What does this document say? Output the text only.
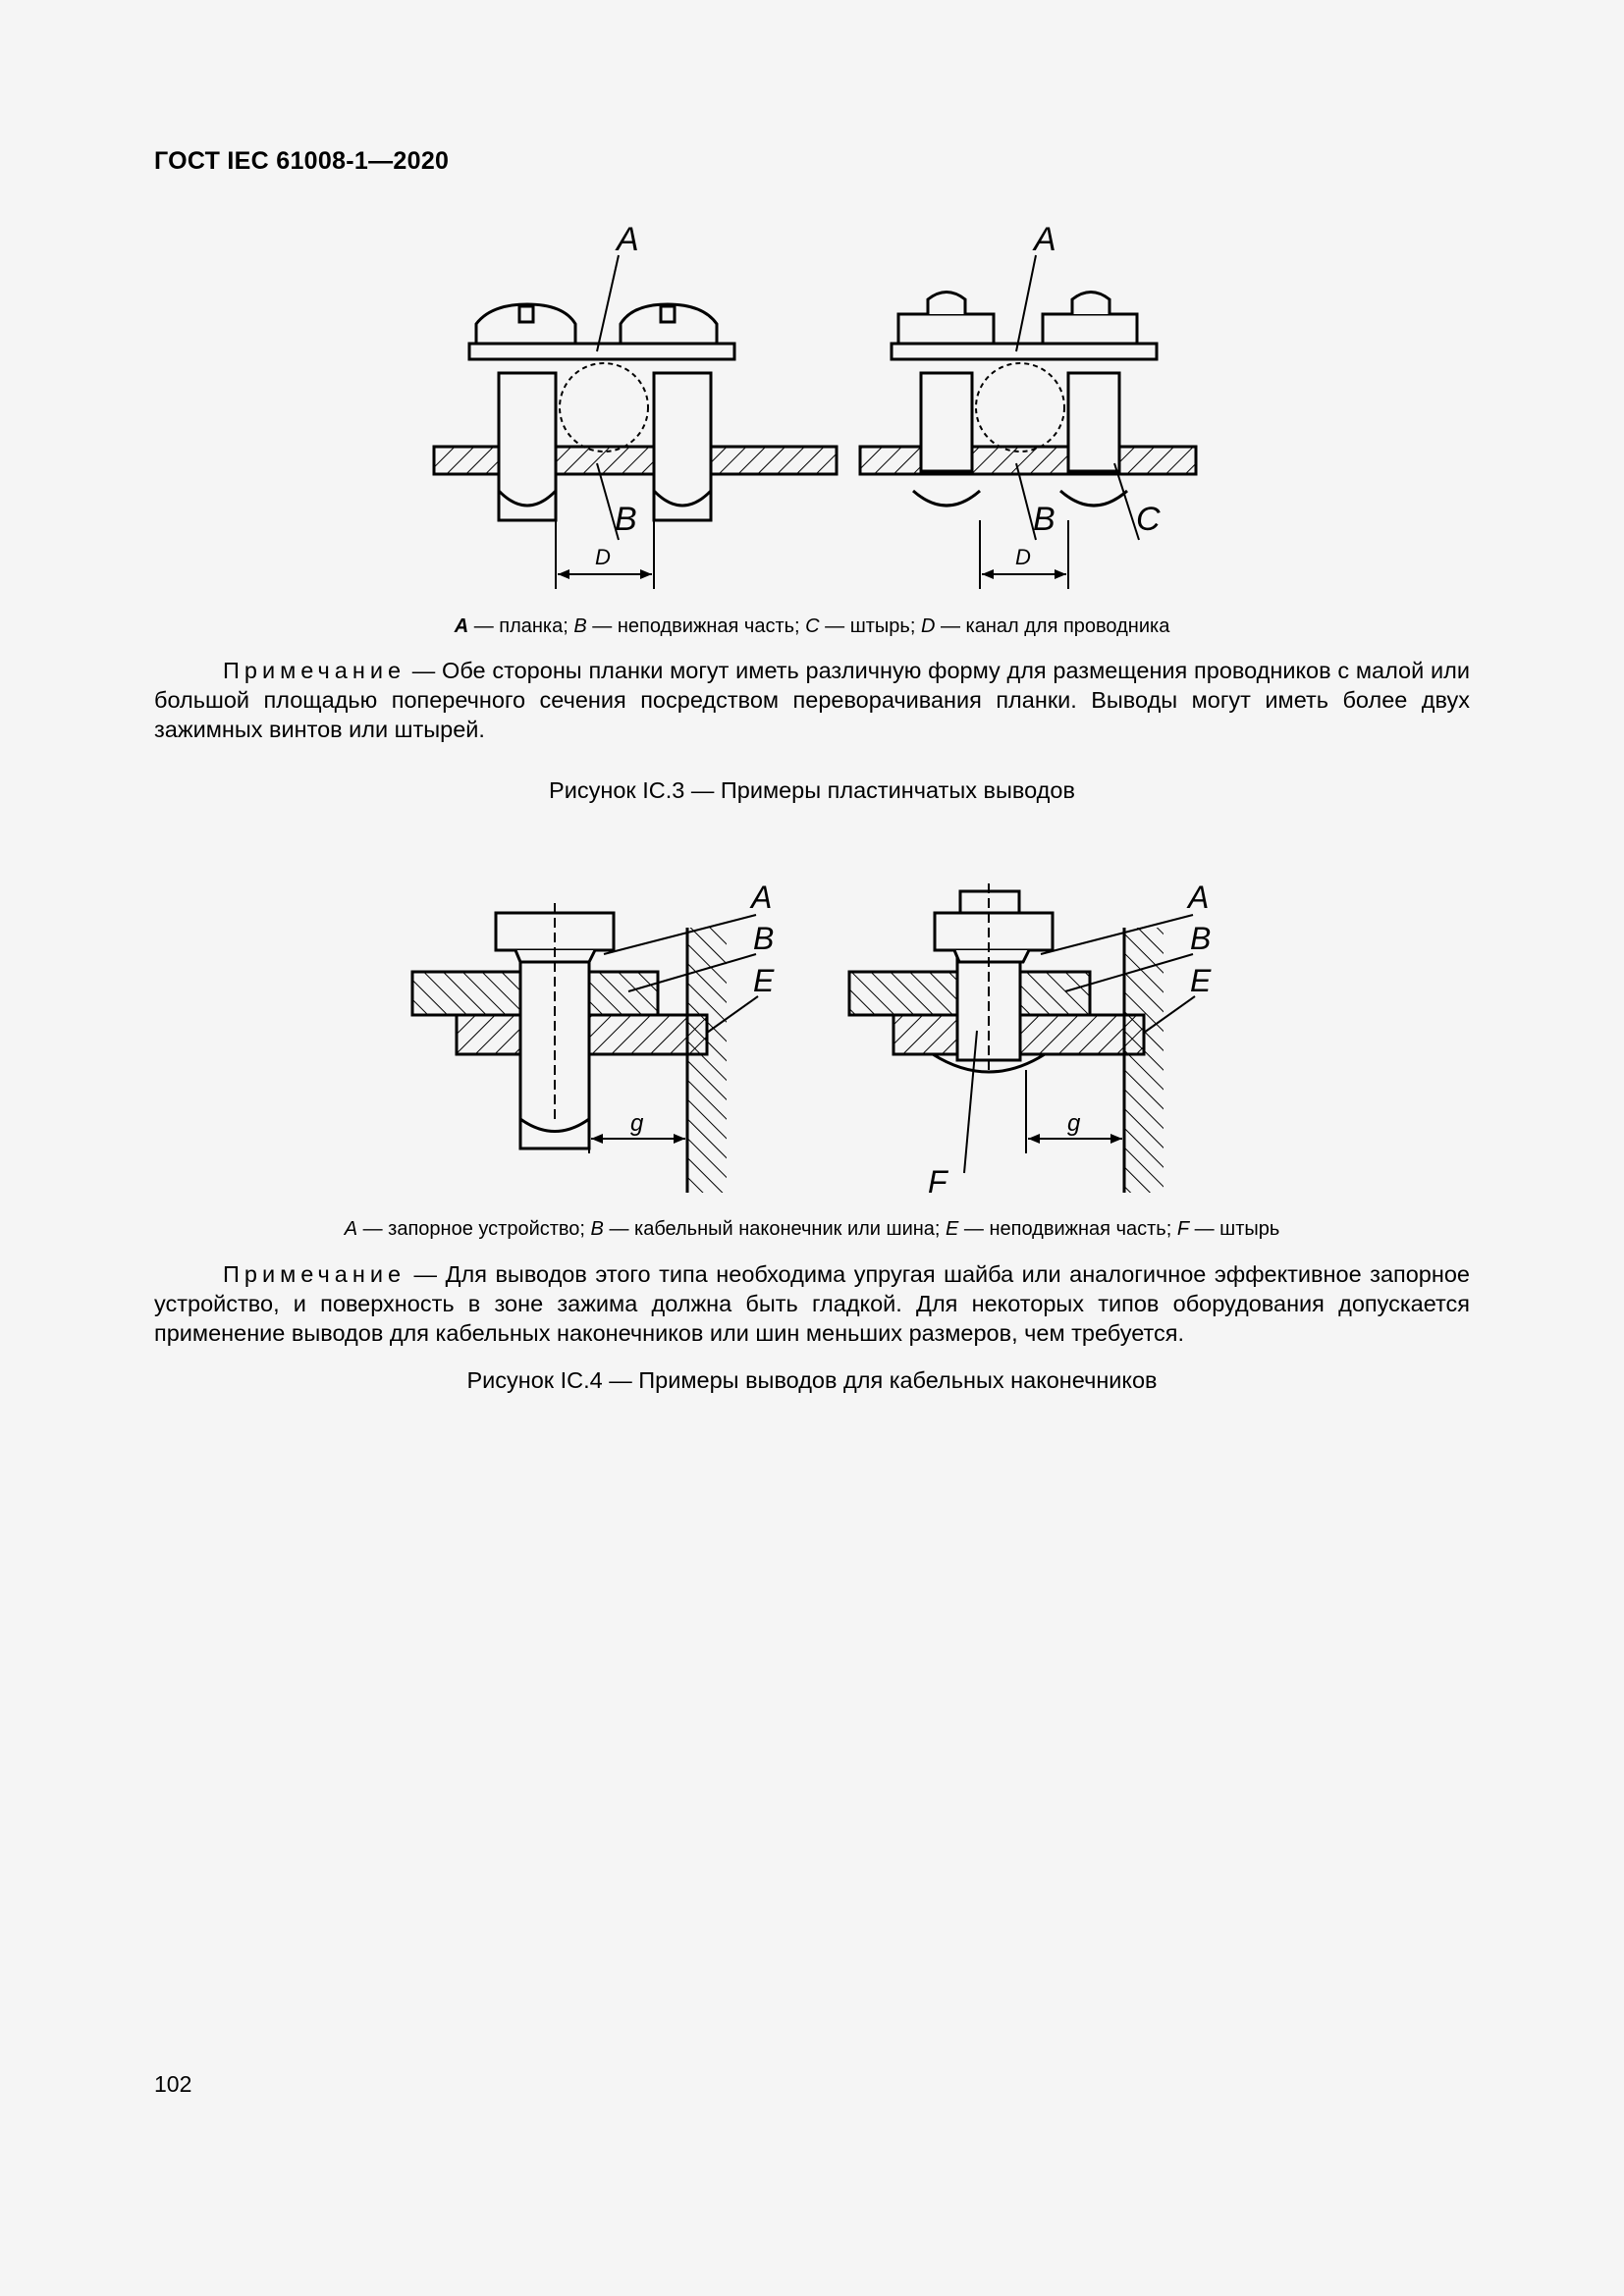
ГОСТ IEC 61008-1—2020
A
B
D
A
B C
D
A — планка; B — неподвижная часть; C — штырь; D — канал для проводника
Примечание — Обе стороны планки могут иметь различную форму для размещения проводников с малой или большой площадью поперечного сечения посредством переворачивания планки. Выводы могут иметь более двух зажимных винтов или штырей.
Рисунок IC.3 — Примеры пластинчатых выводов
A
B
E
g
A
B
E
g
F
A — запорное устройство; B — кабельный наконечник или шина; E — неподвижная часть; F — штырь
Примечание — Для выводов этого типа необходима упругая шайба или аналогичное эффективное запорное устройство, и поверхность в зоне зажима должна быть гладкой. Для некоторых типов оборудования допускается применение выводов для кабельных наконечников или шин меньших размеров, чем требуется.
Рисунок IC.4 — Примеры выводов для кабельных наконечников
102
